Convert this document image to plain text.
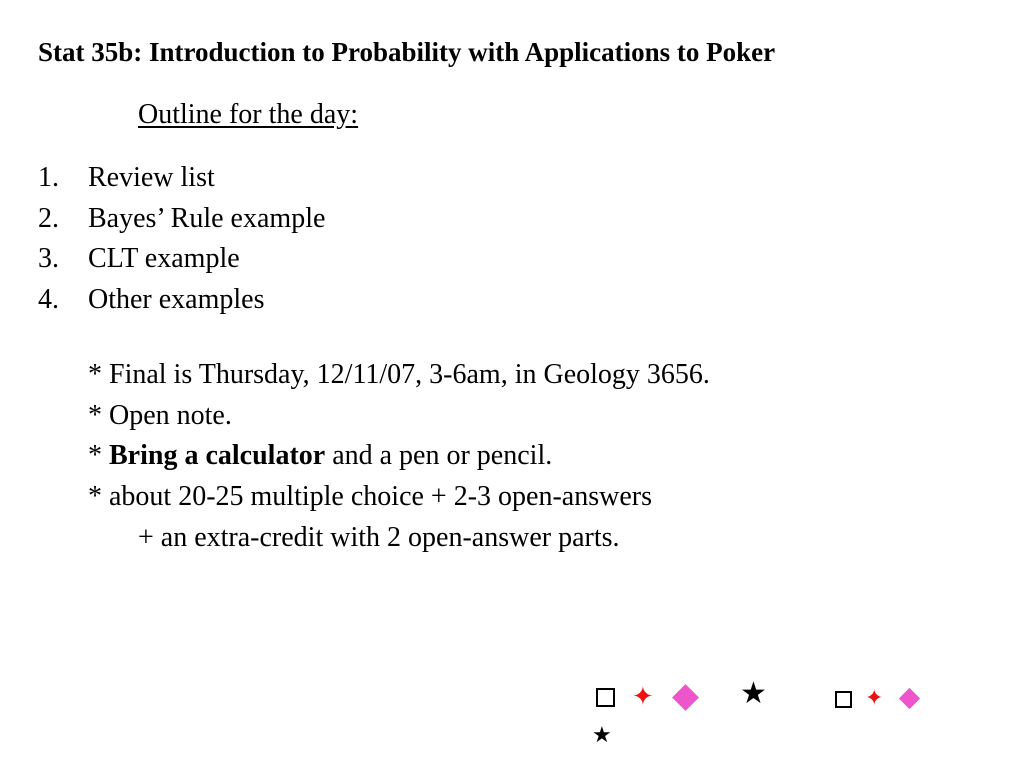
Stat 35b: Introduction to Probability with Applications to Poker
Outline for the day:
1. Review list
2. Bayes’ Rule example
3. CLT example
4. Other examples
* Final is Thursday, 12/11/07, 3-6am, in Geology 3656.
* Open note.
* Bring a calculator and a pen or pencil.
* about 20-25 multiple choice + 2-3 open-answers
+ an extra-credit with 2 open-answer parts.
✦	★	✦
★
